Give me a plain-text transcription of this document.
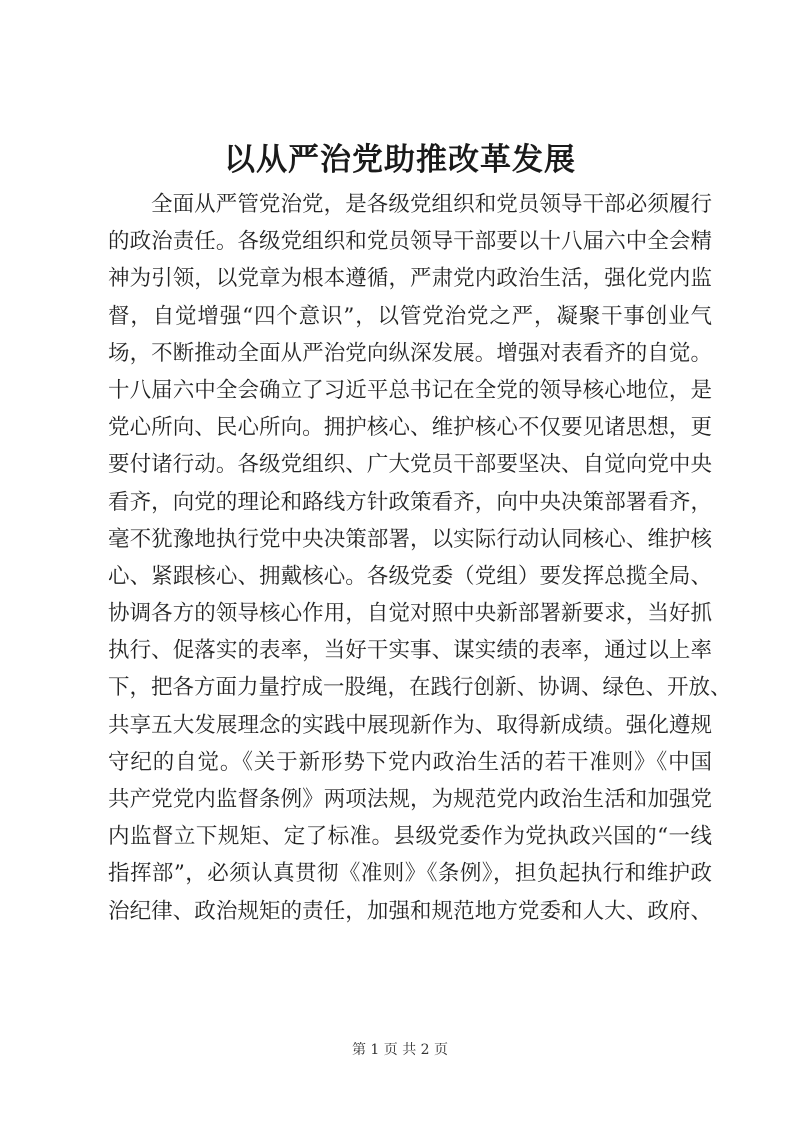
以从严治党助推改革发展
全面从严管党治党，是各级党组织和党员领导干部必须履行
的政治责任。各级党组织和党员领导干部要以十八届六中全会精
神为引领，以党章为根本遵循，严肃党内政治生活，强化党内监
督，自觉增强“四个意识”，以管党治党之严，凝聚干事创业气
场，不断推动全面从严治党向纵深发展。增强对表看齐的自觉。
十八届六中全会确立了习近平总书记在全党的领导核心地位，是
党心所向、民心所向。拥护核心、维护核心不仅要见诸思想，更
要付诸行动。各级党组织、广大党员干部要坚决、自觉向党中央
看齐，向党的理论和路线方针政策看齐，向中央决策部署看齐，
毫不犹豫地执行党中央决策部署，以实际行动认同核心、维护核
心、紧跟核心、拥戴核心。各级党委（党组）要发挥总揽全局、
协调各方的领导核心作用，自觉对照中央新部署新要求，当好抓
执行、促落实的表率，当好干实事、谋实绩的表率，通过以上率
下，把各方面力量拧成一股绳，在践行创新、协调、绿色、开放、
共享五大发展理念的实践中展现新作为、取得新成绩。强化遵规
守纪的自觉。《关于新形势下党内政治生活的若干准则》《中国
共产党党内监督条例》两项法规，为规范党内政治生活和加强党
内监督立下规矩、定了标准。县级党委作为党执政兴国的“一线
指挥部”，必须认真贯彻《准则》《条例》，担负起执行和维护政
治纪律、政治规矩的责任，加强和规范地方党委和人大、政府、
第 1 页 共 2 页
